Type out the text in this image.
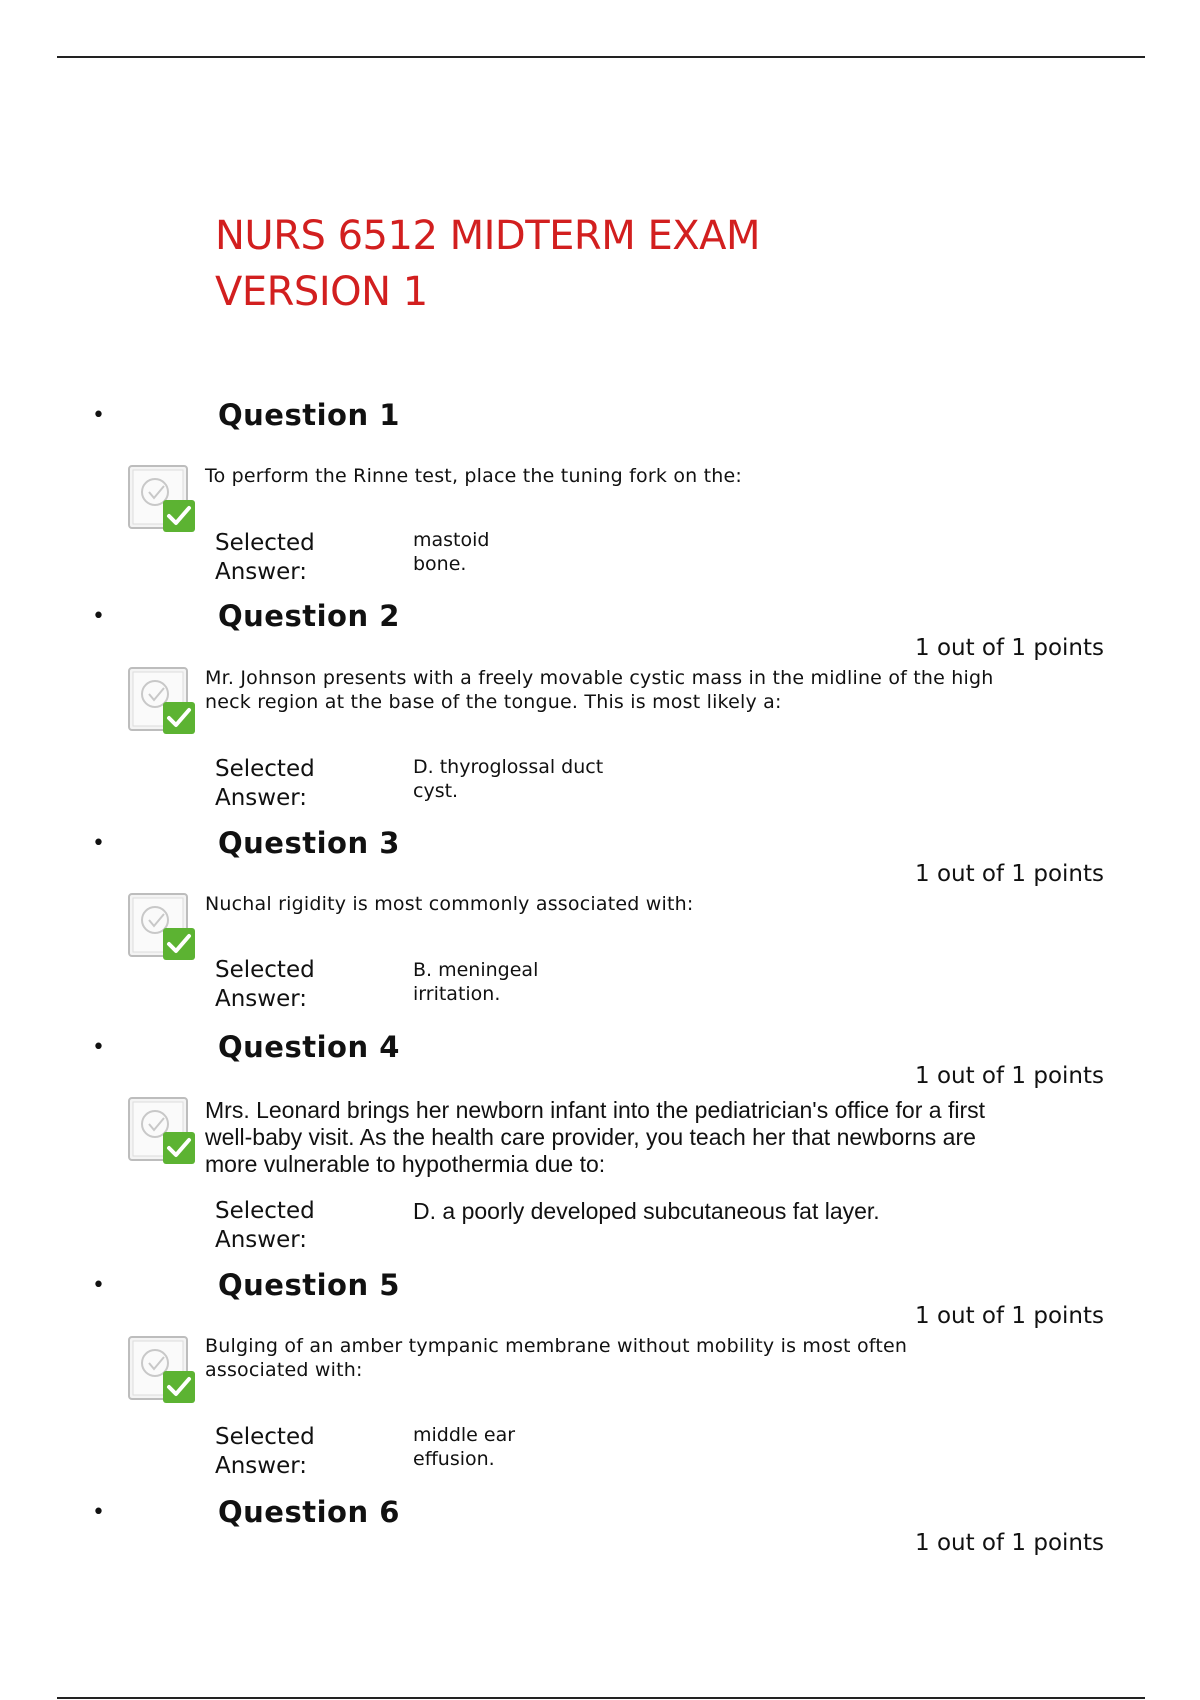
NURS 6512 MIDTERM EXAM
VERSION 1
•	Question 1
To perform the Rinne test, place the tuning fork on the:
Selected
Answer:
mastoid
bone.
•	Question 2
1 out of 1 points
Mr. Johnson presents with a freely movable cystic mass in the midline of the high
neck region at the base of the tongue. This is most likely a:
Selected
Answer:
D. thyroglossal duct
cyst.
•	Question 3
1 out of 1 points
Nuchal rigidity is most commonly associated with:
Selected
Answer:
B. meningeal
irritation.
•	Question 4
1 out of 1 points
Mrs. Leonard brings her newborn infant into the pediatrician's office for a first
well-baby visit. As the health care provider, you teach her that newborns are
more vulnerable to hypothermia due to:
Selected
Answer:
D. a poorly developed subcutaneous fat layer.
•	Question 5
1 out of 1 points
Bulging of an amber tympanic membrane without mobility is most often
associated with:
Selected
Answer:
middle ear
effusion.
•	Question 6
1 out of 1 points
